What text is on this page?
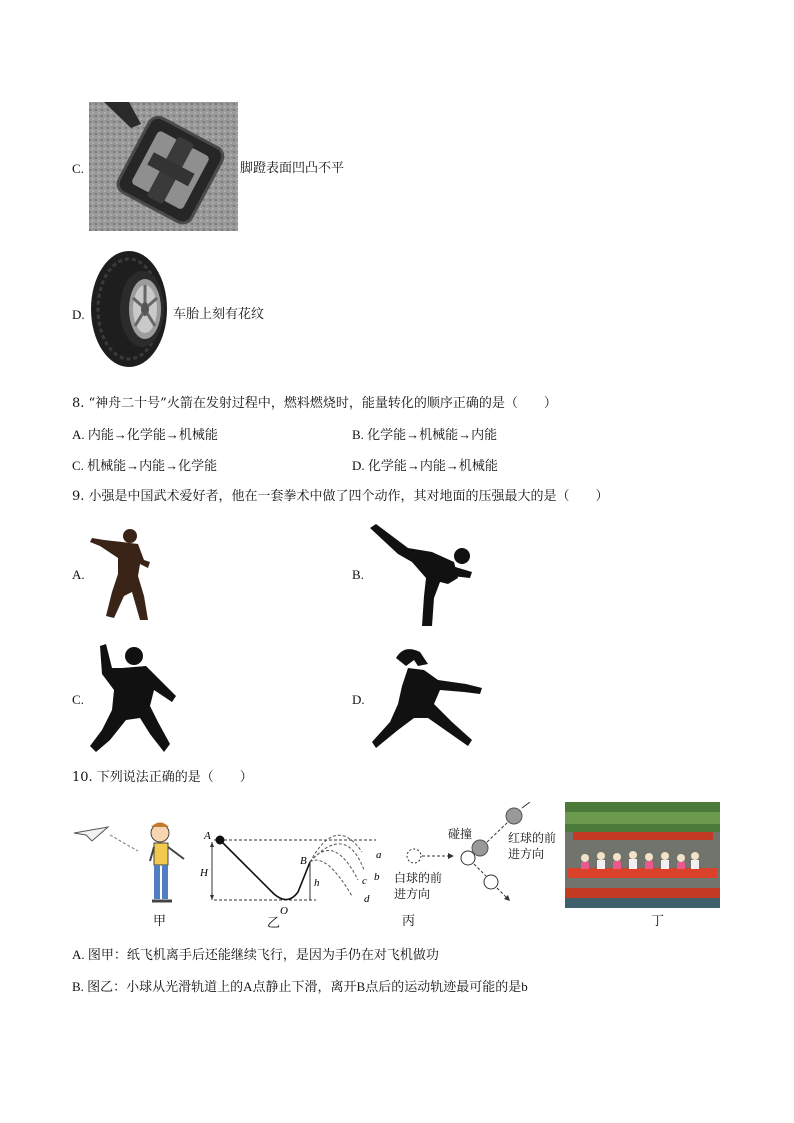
C.	脚蹬表面凹凸不平
D.	车胎上刻有花纹
8. “神舟二十号”火箭在发射过程中，燃料燃烧时，能量转化的顺序正确的是（　　）
A. 内能→化学能→机械能	B. 化学能→机械能→内能
C. 机械能→内能→化学能	D. 化学能→内能→机械能
9. 小强是中国武术爱好者，他在一套拳术中做了四个动作，其对地面的压强最大的是（　　）
A.	B.
C.	D.
10. 下列说法正确的是（　　）
甲
A
H
B
h
O
a
b
c
d
乙
碰撞	红球的前
进方向
白球的前
进方向
丙	丁
A. 图甲：纸飞机离手后还能继续飞行，是因为手仍在对飞机做功
B. 图乙：小球从光滑轨道上的A点静止下滑，离开B点后的运动轨迹最可能的是b
